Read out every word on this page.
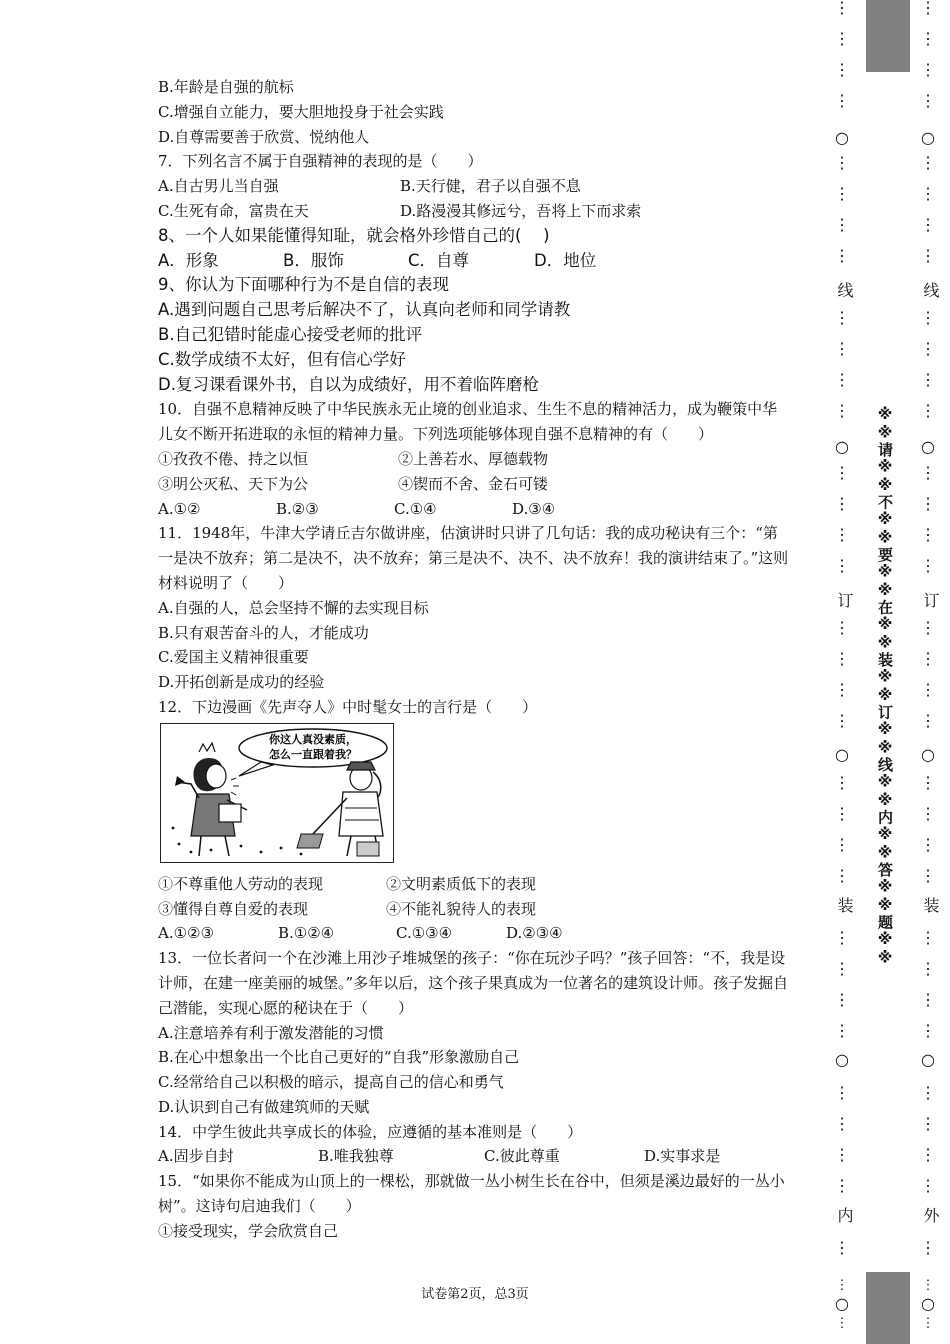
B.年龄是自强的航标
C.增强自立能力，要大胆地投身于社会实践
D.自尊需要善于欣赏、悦纳他人
7．下列名言不属于自强精神的表现的是（　　）
A.自古男儿当自强	B.天行健，君子以自强不息
C.生死有命，富贵在天	D.路漫漫其修远兮，吾将上下而求索
8、一个人如果能懂得知耻，就会格外珍惜自己的(　 )
A．形象	B．服饰	C．自尊	D．地位
9、你认为下面哪种行为不是自信的表现
A.遇到问题自己思考后解决不了，认真向老师和同学请教
B.自己犯错时能虚心接受老师的批评
C.数学成绩不太好，但有信心学好
D.复习课看课外书，自以为成绩好，用不着临阵磨枪
10．自强不息精神反映了中华民族永无止境的创业追求、生生不息的精神活力，成为鞭策中华儿女不断开拓进取的永恒的精神力量。下列选项能够体现自强不息精神的有（　　）
①孜孜不倦、持之以恒	②上善若水、厚德载物
③明公灭私、天下为公	④锲而不舍、金石可镂
A.①②	B.②③	C.①④	D.③④
11．1948年，牛津大学请丘吉尔做讲座，估演讲时只讲了几句话：我的成功秘诀有三个：“第一是决不放弃；第二是决不，决不放弃；第三是决不、决不、决不放弃！我的演讲结束了。”这则材料说明了（　　）
A.自强的人，总会坚持不懈的去实现目标
B.只有艰苦奋斗的人，才能成功
C.爱国主义精神很重要
D.开拓创新是成功的经验
12．下边漫画《先声夺人》中时髦女士的言行是（　　）
你这人真没素质，
怎么一直跟着我？
①不尊重他人劳动的表现	②文明素质低下的表现
③懂得自尊自爱的表现	④不能礼貌待人的表现
A.①②③	B.①②④	C.①③④	D.②③④
13．一位长者问一个在沙滩上用沙子堆城堡的孩子：“你在玩沙子吗？”孩子回答：“不，我是设计师，在建一座美丽的城堡。”多年以后，这个孩子果真成为一位著名的建筑设计师。孩子发掘自己潜能，实现心愿的秘诀在于（　　）
A.注意培养有利于激发潜能的习惯
B.在心中想象出一个比自己更好的“自我”形象激励自己
C.经常给自己以积极的暗示，提高自己的信心和勇气
D.认识到自己有做建筑师的天赋
14．中学生彼此共享成长的体验，应遵循的基本准则是（　　）
A.固步自封	B.唯我独尊	C.彼此尊重	D.实事求是
15．“如果你不能成为山顶上的一棵松，那就做一丛小树生长在谷中，但须是溪边最好的一丛小树”。这诗句启迪我们（　　）
①接受现实，学会欣赏自己
试卷第2页，总3页
⋮
⋮
⋮
⋮
⋮
⋮
⋮
⋮
⋮
⋮
⋮
⋮
⋮
⋮
⋮
⋮
⋮
⋮
⋮
⋮
⋮
⋮
⋮
⋮
⋮
⋮
⋮
⋮
⋮
⋮
⋮
⋮
⋮
○
○
○
○
线
订
装
内
⋮
○
⋮
⋮
⋮
⋮
⋮
⋮
⋮
⋮
⋮
⋮
⋮
⋮
⋮
⋮
⋮
⋮
⋮
⋮
⋮
⋮
⋮
⋮
⋮
⋮
⋮
⋮
⋮
⋮
⋮
⋮
⋮
⋮
⋮
⋮
○
○
○
○
线
订
装
外
⋮
○
⋮
※※请※※不※※要※※在※※装※※订※※线※※内※※答※※题※※
